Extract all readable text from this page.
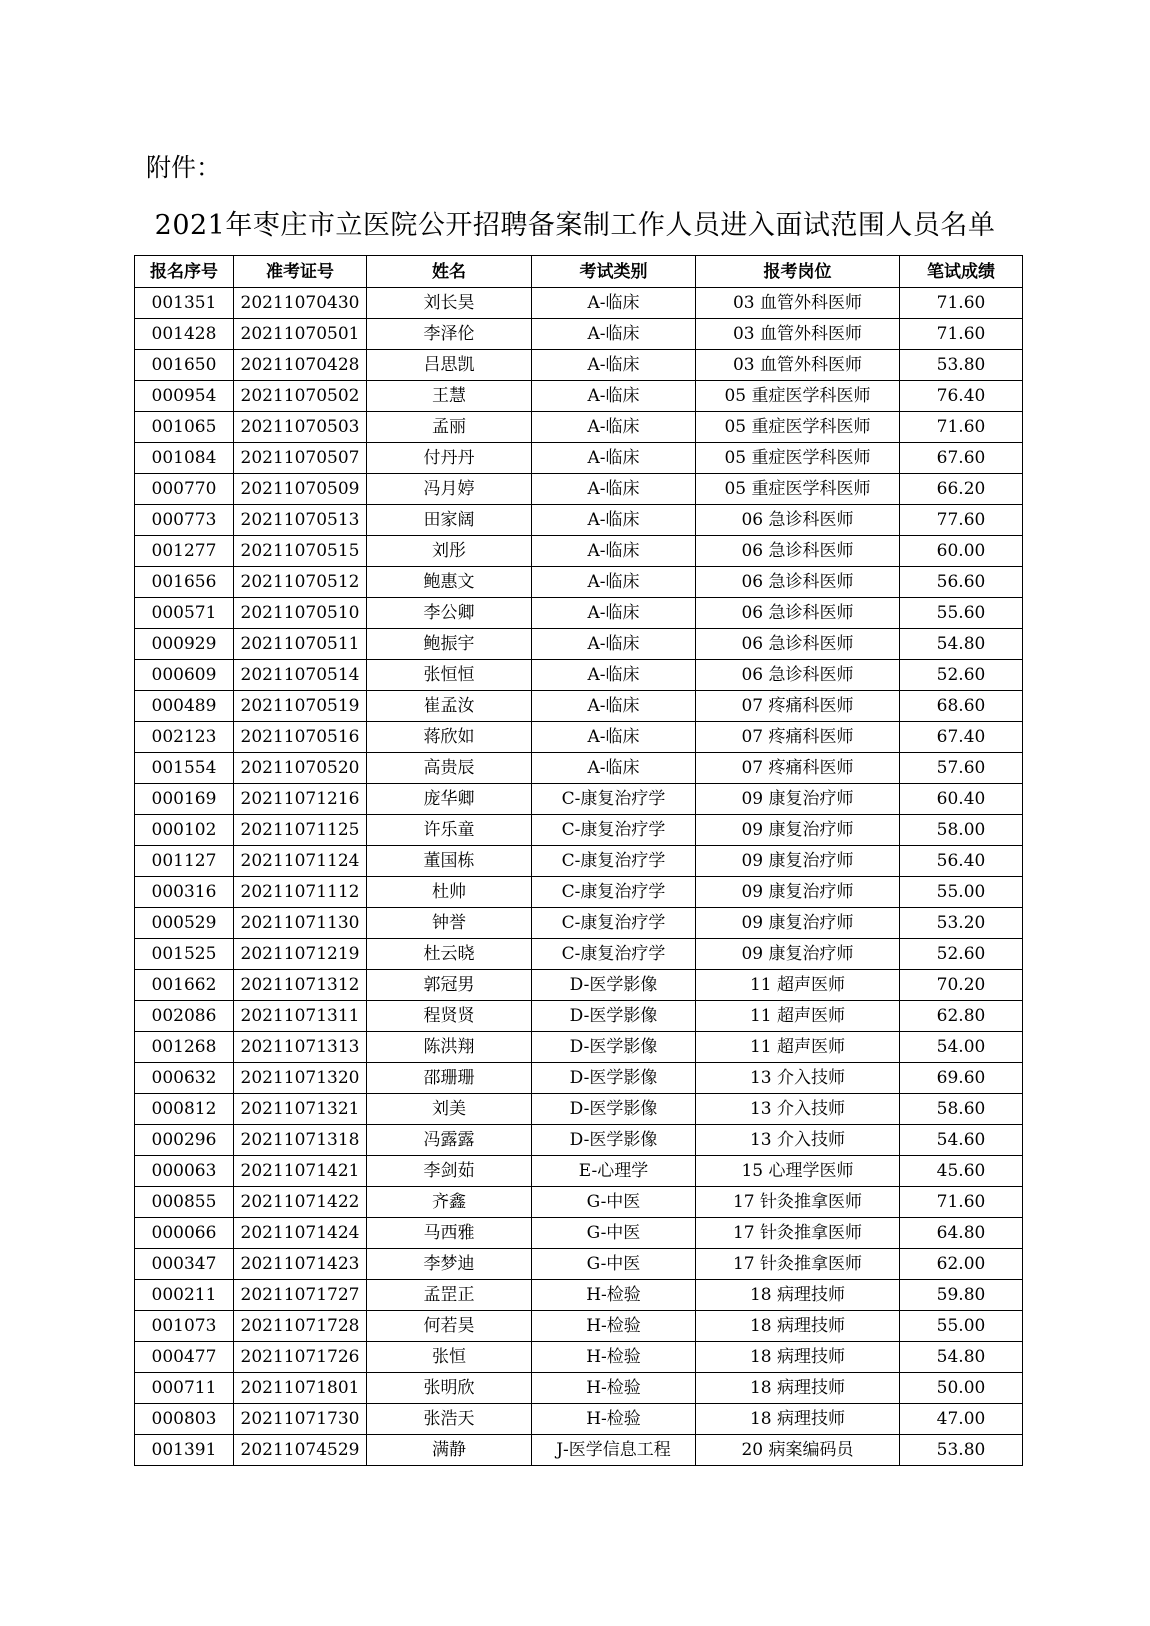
附件：
2021年枣庄市立医院公开招聘备案制工作人员进入面试范围人员名单
报名序号	准考证号	姓名	考试类别	报考岗位	笔试成绩
001351	20211070430	刘长昊	A-临床	03 血管外科医师	71.60
001428	20211070501	李泽伦	A-临床	03 血管外科医师	71.60
001650	20211070428	吕思凯	A-临床	03 血管外科医师	53.80
000954	20211070502	王慧	A-临床	05 重症医学科医师	76.40
001065	20211070503	孟丽	A-临床	05 重症医学科医师	71.60
001084	20211070507	付丹丹	A-临床	05 重症医学科医师	67.60
000770	20211070509	冯月婷	A-临床	05 重症医学科医师	66.20
000773	20211070513	田家阔	A-临床	06 急诊科医师	77.60
001277	20211070515	刘彤	A-临床	06 急诊科医师	60.00
001656	20211070512	鲍惠文	A-临床	06 急诊科医师	56.60
000571	20211070510	李公卿	A-临床	06 急诊科医师	55.60
000929	20211070511	鲍振宇	A-临床	06 急诊科医师	54.80
000609	20211070514	张恒恒	A-临床	06 急诊科医师	52.60
000489	20211070519	崔孟汝	A-临床	07 疼痛科医师	68.60
002123	20211070516	蒋欣如	A-临床	07 疼痛科医师	67.40
001554	20211070520	高贵辰	A-临床	07 疼痛科医师	57.60
000169	20211071216	庞华卿	C-康复治疗学	09 康复治疗师	60.40
000102	20211071125	许乐童	C-康复治疗学	09 康复治疗师	58.00
001127	20211071124	董国栋	C-康复治疗学	09 康复治疗师	56.40
000316	20211071112	杜帅	C-康复治疗学	09 康复治疗师	55.00
000529	20211071130	钟誉	C-康复治疗学	09 康复治疗师	53.20
001525	20211071219	杜云晓	C-康复治疗学	09 康复治疗师	52.60
001662	20211071312	郭冠男	D-医学影像	11 超声医师	70.20
002086	20211071311	程贤贤	D-医学影像	11 超声医师	62.80
001268	20211071313	陈洪翔	D-医学影像	11 超声医师	54.00
000632	20211071320	邵珊珊	D-医学影像	13 介入技师	69.60
000812	20211071321	刘美	D-医学影像	13 介入技师	58.60
000296	20211071318	冯露露	D-医学影像	13 介入技师	54.60
000063	20211071421	李剑茹	E-心理学	15 心理学医师	45.60
000855	20211071422	齐鑫	G-中医	17 针灸推拿医师	71.60
000066	20211071424	马西雅	G-中医	17 针灸推拿医师	64.80
000347	20211071423	李梦迪	G-中医	17 针灸推拿医师	62.00
000211	20211071727	孟罡正	H-检验	18 病理技师	59.80
001073	20211071728	何若昊	H-检验	18 病理技师	55.00
000477	20211071726	张恒	H-检验	18 病理技师	54.80
000711	20211071801	张明欣	H-检验	18 病理技师	50.00
000803	20211071730	张浩天	H-检验	18 病理技师	47.00
001391	20211074529	满静	J-医学信息工程	20 病案编码员	53.80
